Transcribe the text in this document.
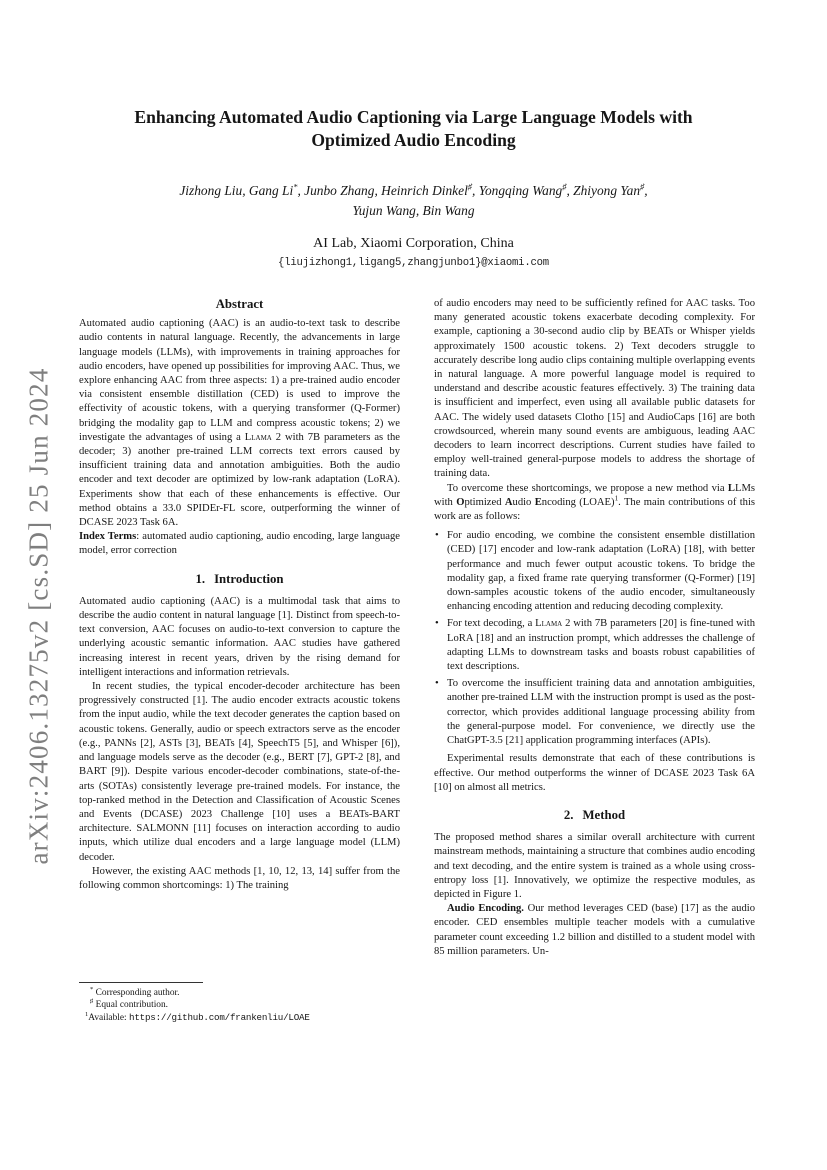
arXiv:2406.13275v2 [cs.SD] 25 Jun 2024
Enhancing Automated Audio Captioning via Large Language Models with
Optimized Audio Encoding
Jizhong Liu, Gang Li*, Junbo Zhang, Heinrich Dinkel♯, Yongqing Wang♯, Zhiyong Yan♯,
Yujun Wang, Bin Wang
AI Lab, Xiaomi Corporation, China
{liujizhong1,ligang5,zhangjunbo1}@xiaomi.com
Abstract

Automated audio captioning (AAC) is an audio-to-text task to describe audio contents in natural language. Recently, the advancements in large language models (LLMs), with improvements in training approaches for audio encoders, have opened up possibilities for improving AAC. Thus, we explore enhancing AAC from three aspects: 1) a pre-trained audio encoder via consistent ensemble distillation (CED) is used to improve the effectivity of acoustic tokens, with a querying transformer (Q-Former) bridging the modality gap to LLM and compress acoustic tokens; 2) we investigate the advantages of using a Llama 2 with 7B parameters as the decoder; 3) another pre-trained LLM corrects text errors caused by insufficient training data and annotation ambiguities. Both the audio encoder and text decoder are optimized by low-rank adaptation (LoRA). Experiments show that each of these enhancements is effective. Our method obtains a 33.0 SPIDEr-FL score, outperforming the winner of DCASE 2023 Task 6A.

Index Terms: automated audio captioning, audio encoding, large language model, error correction

1. Introduction

Automated audio captioning (AAC) is a multimodal task that aims to describe the audio content in natural language [1]. Distinct from speech-to-text conversion, AAC focuses on audio-to-text conversion to capture the underlying acoustic semantic information. AAC studies have gathered increasing interest in recent years, driven by the rising demand for intelligent interactions and information retrievals.

In recent studies, the typical encoder-decoder architecture has been progressively constructed [1]. The audio encoder extracts acoustic tokens from the input audio, while the text decoder generates the caption based on acoustic tokens. Generally, audio or speech extractors serve as the encoder (e.g., PANNs [2], ASTs [3], BEATs [4], SpeechT5 [5], and Whisper [6]), and language models serve as the decoder (e.g., BERT [7], GPT-2 [8], and BART [9]). Despite various encoder-decoder combinations, state-of-the-arts (SOTAs) consistently leverage pre-trained models. For instance, the top-ranked method in the Detection and Classification of Acoustic Scenes and Events (DCASE) 2023 Challenge [10] uses a BEATs-BART architecture. SALMONN [11] focuses on interaction according to audio inputs, which utilize dual encoders and a large language model (LLM) decoder.

However, the existing AAC methods [1, 10, 12, 13, 14] suffer from the following common shortcomings: 1) The training

* Corresponding author.
♯ Equal contribution.
$^1$Available: https://github.com/frankenliu/LOAE

of audio encoders may need to be sufficiently refined for AAC tasks. Too many generated acoustic tokens exacerbate decoding complexity. For example, captioning a 30-second audio clip by BEATs or Whisper yields approximately 1500 acoustic tokens. 2) Text decoders struggle to accurately describe long audio clips containing multiple overlapping events in natural language. A more powerful language model is required to understand and describe acoustic features effectively. 3) The training data is insufficient and imperfect, even using all available public datasets for AAC. The widely used datasets Clotho [15] and AudioCaps [16] are both crowdsourced, wherein many sound events are ambiguous, leading AAC decoders to learn incorrect descriptions. Current studies have failed to employ well-trained general-purpose models to address the shortage of training data.

To overcome these shortcomings, we propose a new method via LLMs with Optimized Audio Encoding (LOAE)$^1$. The main contributions of this work are as follows:

• For audio encoding, we combine the consistent ensemble distillation (CED) [17] encoder and low-rank adaptation (LoRA) [18], with better performance and much fewer output acoustic tokens. To bridge the modality gap, a fixed frame rate querying transformer (Q-Former) [19] down-samples acoustic tokens of the audio encoder, simultaneously enhancing encoding attention and reducing decoding complexity.
• For text decoding, a Llama 2 with 7B parameters [20] is fine-tuned with LoRA [18] and an instruction prompt, which addresses the challenge of adapting LLMs to downstream tasks and boasts robust capabilities of text descriptions.
• To overcome the insufficient training data and annotation ambiguities, another pre-trained LLM with the instruction prompt is used as the post-corrector, which provides additional language processing ability from the general-purpose model. For convenience, we directly use the ChatGPT-3.5 [21] application programming interfaces (APIs).

Experimental results demonstrate that each of these contributions is effective. Our method outperforms the winner of DCASE 2023 Task 6A [10] on almost all metrics.

2. Method

The proposed method shares a similar overall architecture with current mainstream methods, maintaining a structure that combines audio encoding and text decoding, and the entire system is trained as a whole using cross-entropy loss [1]. Innovatively, we optimize the respective modules, as depicted in Figure 1.

Audio Encoding. Our method leverages CED (base) [17] as the audio encoder. CED ensembles multiple teacher models with a cumulative parameter count exceeding 1.2 billion and distilled to a student model with 85 million parameters. Un-
